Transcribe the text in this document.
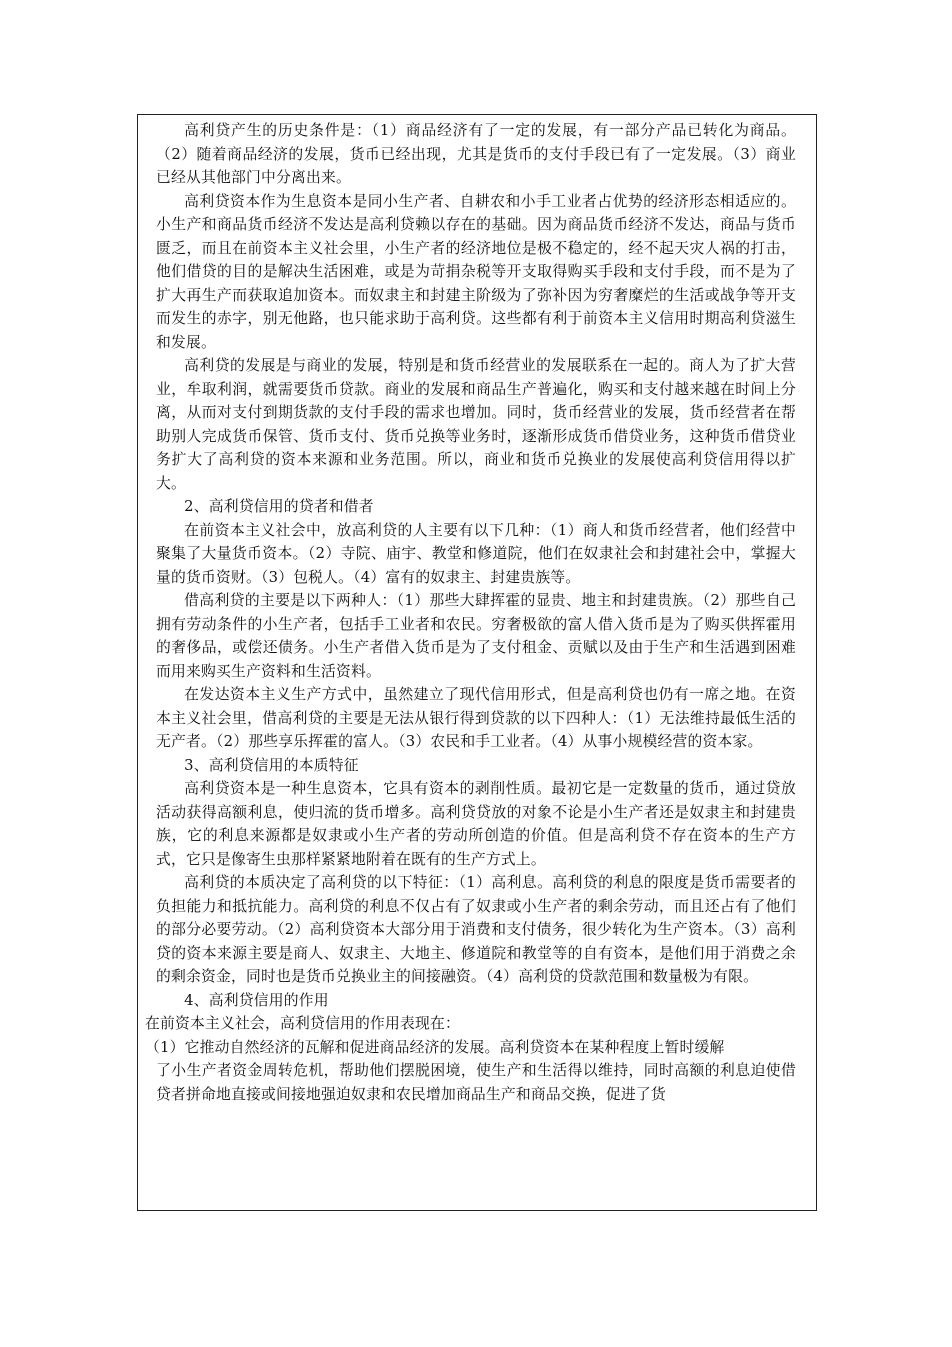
高利贷产生的历史条件是：（1）商品经济有了一定的发展，有一部分产品已转化为商品。（2）随着商品经济的发展，货币已经出现，尤其是货币的支付手段已有了一定发展。（3）商业已经从其他部门中分离出来。

高利贷资本作为生息资本是同小生产者、自耕农和小手工业者占优势的经济形态相适应的。小生产和商品货币经济不发达是高利贷赖以存在的基础。因为商品货币经济不发达，商品与货币匮乏，而且在前资本主义社会里，小生产者的经济地位是极不稳定的，经不起天灾人祸的打击，他们借贷的目的是解决生活困难，或是为苛捐杂税等开支取得购买手段和支付手段，而不是为了扩大再生产而获取追加资本。而奴隶主和封建主阶级为了弥补因为穷奢糜烂的生活或战争等开支而发生的赤字，别无他路，也只能求助于高利贷。这些都有利于前资本主义信用时期高利贷滋生和发展。

高利贷的发展是与商业的发展，特别是和货币经营业的发展联系在一起的。商人为了扩大营业，牟取利润，就需要货币贷款。商业的发展和商品生产普遍化，购买和支付越来越在时间上分离，从而对支付到期货款的支付手段的需求也增加。同时，货币经营业的发展，货币经营者在帮助别人完成货币保管、货币支付、货币兑换等业务时，逐渐形成货币借贷业务，这种货币借贷业务扩大了高利贷的资本来源和业务范围。所以，商业和货币兑换业的发展使高利贷信用得以扩大。

2、高利贷信用的贷者和借者

在前资本主义社会中，放高利贷的人主要有以下几种：（1）商人和货币经营者，他们经营中聚集了大量货币资本。（2）寺院、庙宇、教堂和修道院，他们在奴隶社会和封建社会中，掌握大量的货币资财。（3）包税人。（4）富有的奴隶主、封建贵族等。

借高利贷的主要是以下两种人：（1）那些大肆挥霍的显贵、地主和封建贵族。（2）那些自己拥有劳动条件的小生产者，包括手工业者和农民。穷奢极欲的富人借入货币是为了购买供挥霍用的奢侈品，或偿还债务。小生产者借入货币是为了支付租金、贡赋以及由于生产和生活遇到困难而用来购买生产资料和生活资料。

在发达资本主义生产方式中，虽然建立了现代信用形式，但是高利贷也仍有一席之地。在资本主义社会里，借高利贷的主要是无法从银行得到贷款的以下四种人：（1）无法维持最低生活的无产者。（2）那些享乐挥霍的富人。（3）农民和手工业者。（4）从事小规模经营的资本家。

3、高利贷信用的本质特征

高利贷资本是一种生息资本，它具有资本的剥削性质。最初它是一定数量的货币，通过贷放活动获得高额利息，使归流的货币增多。高利贷贷放的对象不论是小生产者还是奴隶主和封建贵族，它的利息来源都是奴隶或小生产者的劳动所创造的价值。但是高利贷不存在资本的生产方式，它只是像寄生虫那样紧紧地附着在既有的生产方式上。

高利贷的本质决定了高利贷的以下特征：（1）高利息。高利贷的利息的限度是货币需要者的负担能力和抵抗能力。高利贷的利息不仅占有了奴隶或小生产者的剩余劳动，而且还占有了他们的部分必要劳动。（2）高利贷资本大部分用于消费和支付债务，很少转化为生产资本。（3）高利贷的资本来源主要是商人、奴隶主、大地主、修道院和教堂等的自有资本，是他们用于消费之余的剩余资金，同时也是货币兑换业主的间接融资。（4）高利贷的贷款范围和数量极为有限。

4、高利贷信用的作用

在前资本主义社会，高利贷信用的作用表现在：

（1）它推动自然经济的瓦解和促进商品经济的发展。高利贷资本在某种程度上暂时缓解
了小生产者资金周转危机，帮助他们摆脱困境，使生产和生活得以维持，同时高额的利息迫使借贷者拼命地直接或间接地强迫奴隶和农民增加商品生产和商品交换，促进了货
